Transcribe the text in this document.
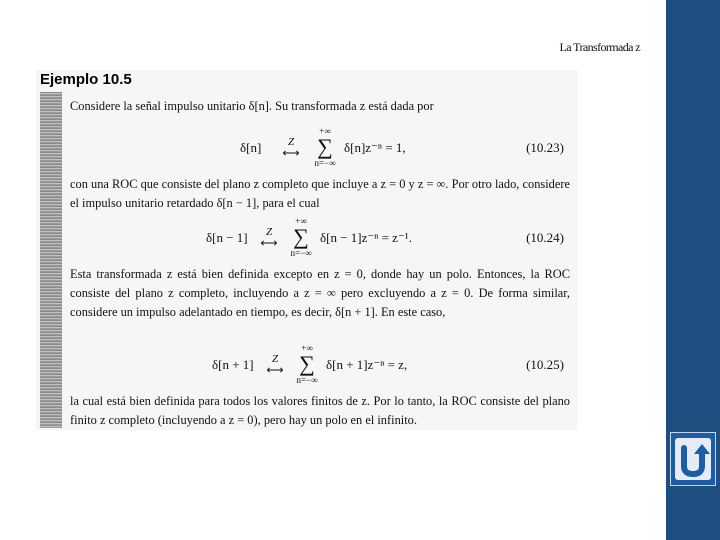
La Transformada z
Ejemplo 10.5

Considere la señal impulso unitario δ[n]. Su transformada z está dada por

δ[n]	Z
⟷
+∞
∑
n=−∞
δ[n]z⁻ⁿ = 1,	(10.23)

con una ROC que consiste del plano z completo que incluye a z = 0 y z = ∞. Por otro lado, considere el impulso unitario retardado δ[n − 1], para el cual

δ[n − 1]	Z
⟷
+∞
∑
n=−∞
δ[n − 1]z⁻ⁿ = z⁻¹.	(10.24)

Esta transformada z está bien definida excepto en z = 0, donde hay un polo. Entonces, la ROC consiste del plano z completo, incluyendo a z = ∞ pero excluyendo a z = 0. De forma similar, considere un impulso adelantado en tiempo, es decir, δ[n + 1]. En este caso,

δ[n + 1]	Z
⟷
+∞
∑
n=−∞
δ[n + 1]z⁻ⁿ = z,	(10.25)

la cual está bien definida para todos los valores finitos de z. Por lo tanto, la ROC consiste del plano finito z completo (incluyendo a z = 0), pero hay un polo en el infinito.
